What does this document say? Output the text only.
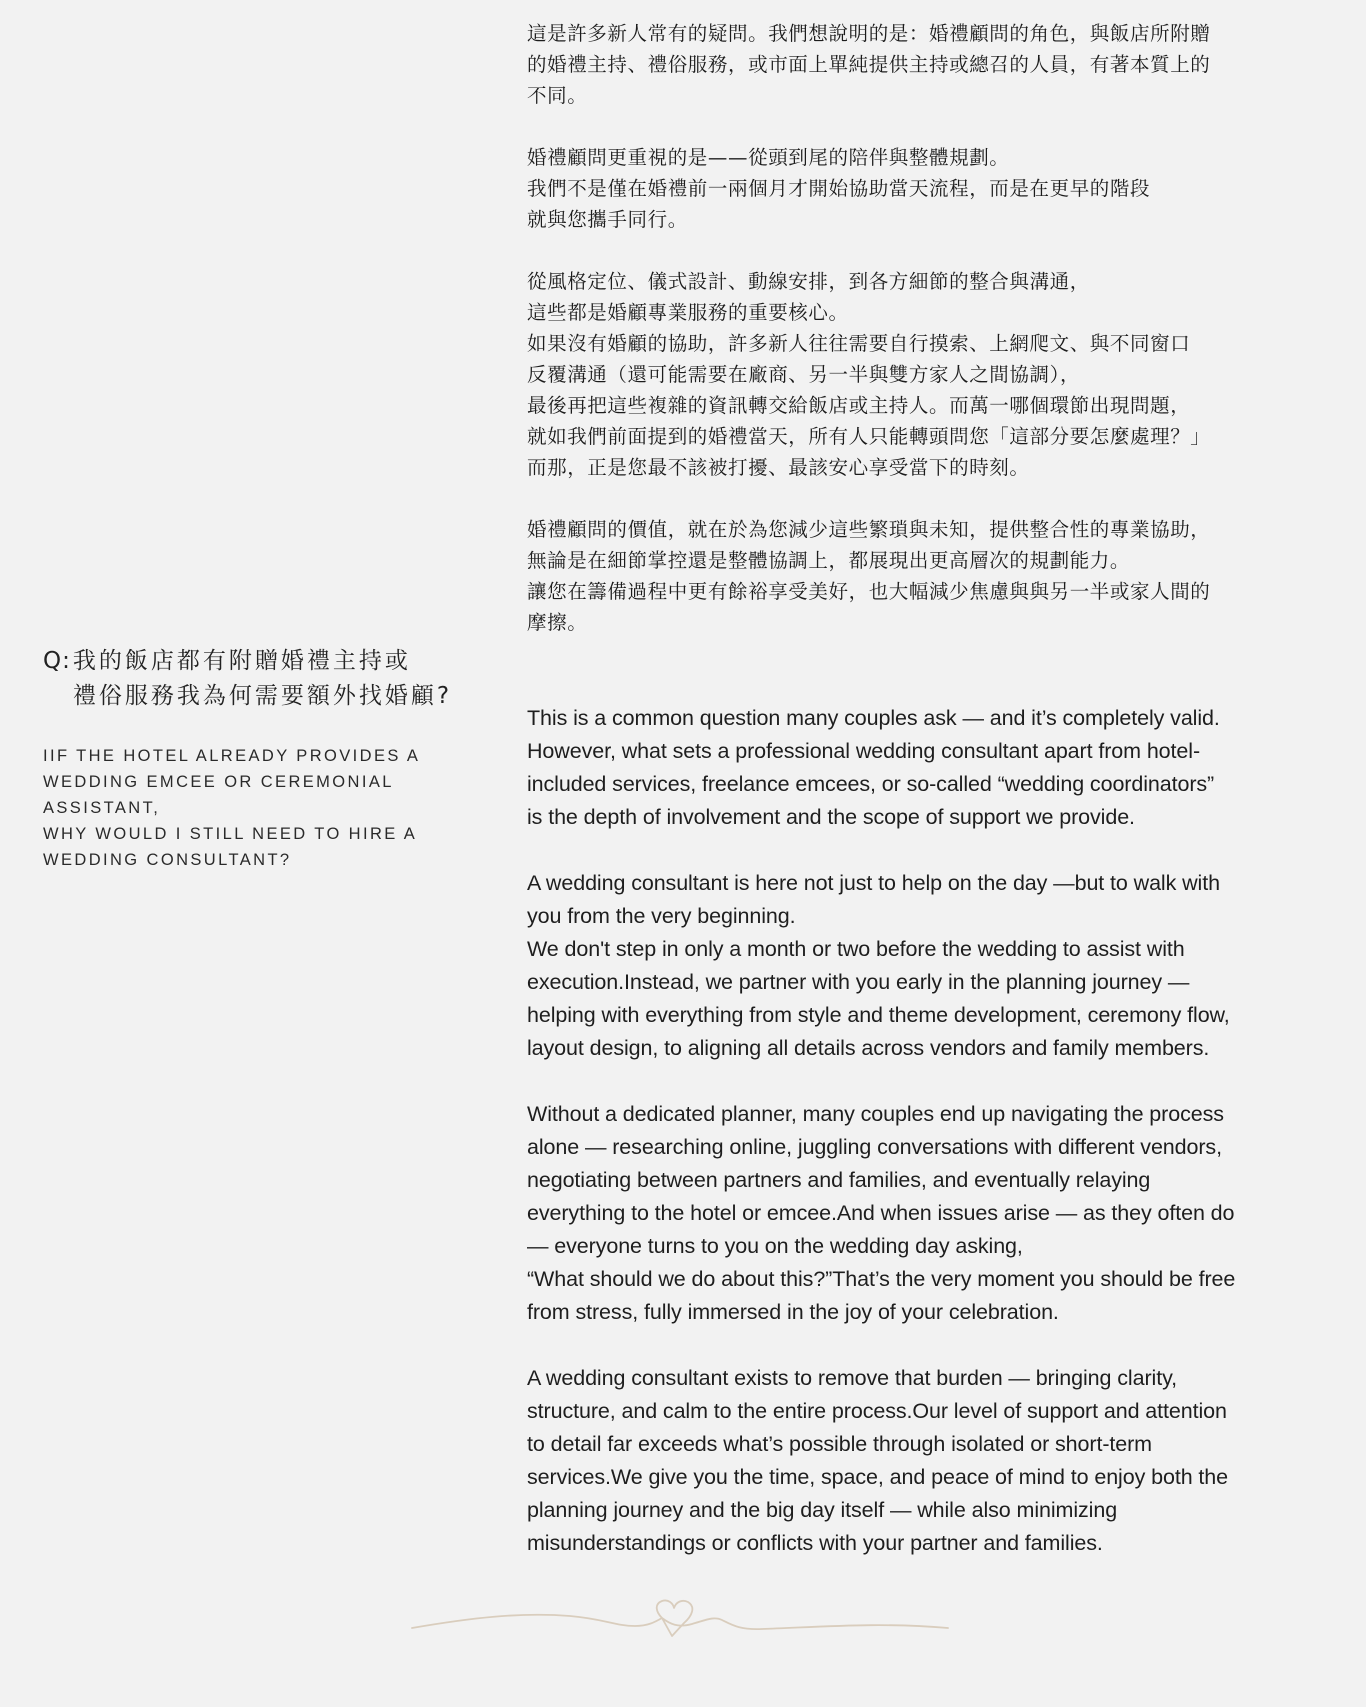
Q: 我的飯店都有附贈婚禮主持或
禮俗服務我為何需要額外找婚顧?
IIF THE HOTEL ALREADY PROVIDES A
WEDDING EMCEE OR CEREMONIAL
ASSISTANT,
WHY WOULD I STILL NEED TO HIRE A
WEDDING CONSULTANT?

這是許多新人常有的疑問。我們想說明的是：婚禮顧問的角色，與飯店所附贈
的婚禮主持、禮俗服務，或市面上單純提供主持或總召的人員，有著本質上的
不同。

婚禮顧問更重視的是——從頭到尾的陪伴與整體規劃。
我們不是僅在婚禮前一兩個月才開始協助當天流程，而是在更早的階段
就與您攜手同行。

從風格定位、儀式設計、動線安排，到各方細節的整合與溝通，
這些都是婚顧專業服務的重要核心。
如果沒有婚顧的協助，許多新人往往需要自行摸索、上網爬文、與不同窗口
反覆溝通（還可能需要在廠商、另一半與雙方家人之間協調），
最後再把這些複雜的資訊轉交給飯店或主持人。而萬一哪個環節出現問題，
就如我們前面提到的婚禮當天，所有人只能轉頭問您「這部分要怎麼處理？」
而那，正是您最不該被打擾、最該安心享受當下的時刻。

婚禮顧問的價值，就在於為您減少這些繁瑣與未知，提供整合性的專業協助，
無論是在細節掌控還是整體協調上，都展現出更高層次的規劃能力。
讓您在籌備過程中更有餘裕享受美好，也大幅減少焦慮與與另一半或家人間的
摩擦。

This is a common question many couples ask — and it’s completely valid.
However, what sets a professional wedding consultant apart from hotel-
included services, freelance emcees, or so-called “wedding coordinators”
is the depth of involvement and the scope of support we provide.

A wedding consultant is here not just to help on the day —but to walk with
you from the very beginning.
We don't step in only a month or two before the wedding to assist with
execution.Instead, we partner with you early in the planning journey —
helping with everything from style and theme development, ceremony flow,
layout design, to aligning all details across vendors and family members.

Without a dedicated planner, many couples end up navigating the process
alone — researching online, juggling conversations with different vendors,
negotiating between partners and families, and eventually relaying
everything to the hotel or emcee.And when issues arise — as they often do
— everyone turns to you on the wedding day asking,
“What should we do about this?”That’s the very moment you should be free
from stress, fully immersed in the joy of your celebration.

A wedding consultant exists to remove that burden — bringing clarity,
structure, and calm to the entire process.Our level of support and attention
to detail far exceeds what’s possible through isolated or short-term
services.We give you the time, space, and peace of mind to enjoy both the
planning journey and the big day itself — while also minimizing
misunderstandings or conflicts with your partner and families.
